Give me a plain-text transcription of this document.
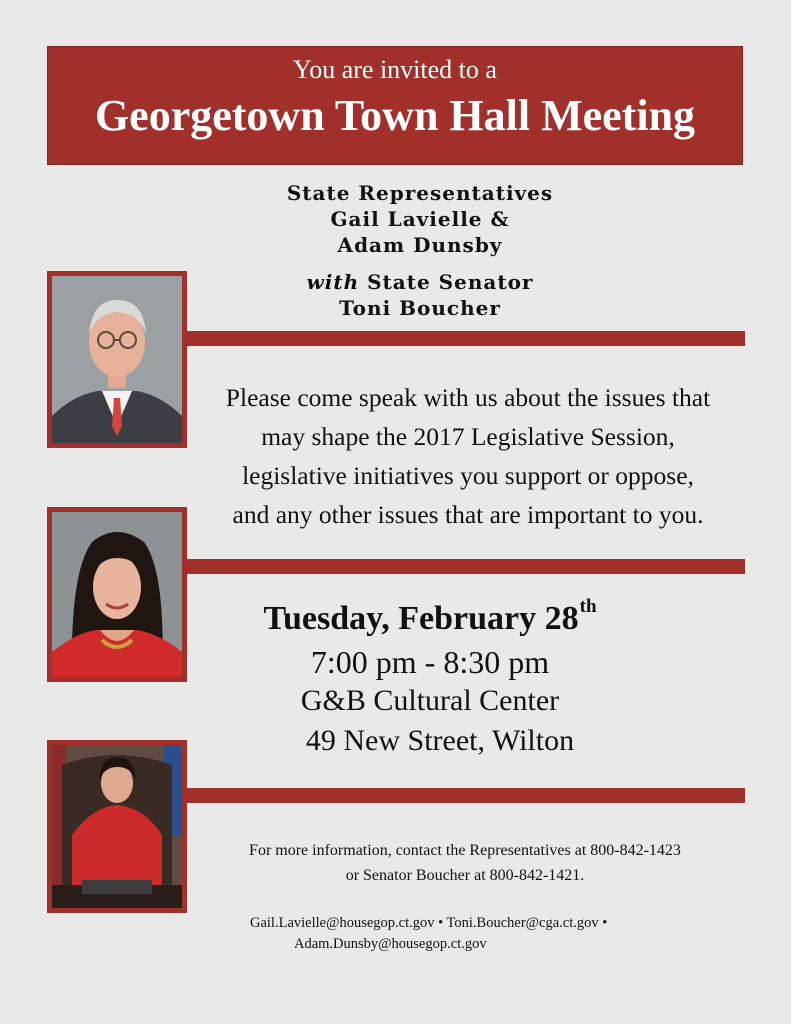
You are invited to a
Georgetown Town Hall Meeting
State Representatives
Gail Lavielle &
Adam Dunsby
with State Senator
Toni Boucher
Please come speak with us about the issues that
may shape the 2017 Legislative Session,
legislative initiatives you support or oppose,
and any other issues that are important to you.
Tuesday, February 28th
7:00 pm - 8:30 pm
G&B Cultural Center
49 New Street, Wilton
For more information, contact the Representatives at 800-842-1423
or Senator Boucher at 800-842-1421.
Gail.Lavielle@housegop.ct.gov • Toni.Boucher@cga.ct.gov •
Adam.Dunsby@housegop.ct.gov
